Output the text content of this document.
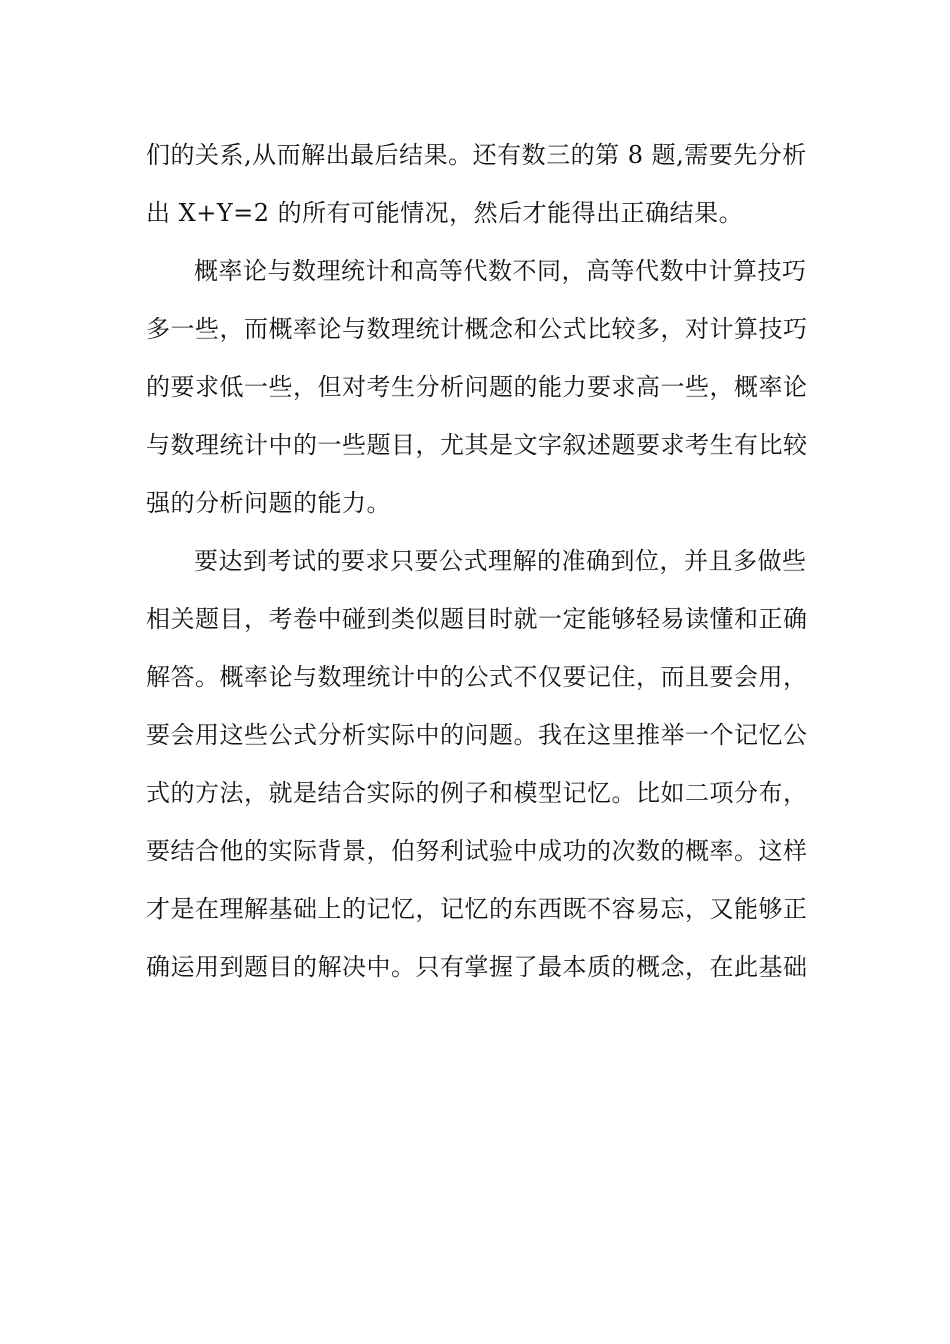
们的关系,从而解出最后结果。还有数三的第 8 题,需要先分析
出 X+Y=2 的所有可能情况，然后才能得出正确结果。
概率论与数理统计和高等代数不同，高等代数中计算技巧
多一些，而概率论与数理统计概念和公式比较多，对计算技巧
的要求低一些，但对考生分析问题的能力要求高一些，概率论
与数理统计中的一些题目，尤其是文字叙述题要求考生有比较
强的分析问题的能力。
要达到考试的要求只要公式理解的准确到位，并且多做些
相关题目，考卷中碰到类似题目时就一定能够轻易读懂和正确
解答。概率论与数理统计中的公式不仅要记住，而且要会用，
要会用这些公式分析实际中的问题。我在这里推举一个记忆公
式的方法，就是结合实际的例子和模型记忆。比如二项分布，
要结合他的实际背景，伯努利试验中成功的次数的概率。这样
才是在理解基础上的记忆，记忆的东西既不容易忘，又能够正
确运用到题目的解决中。只有掌握了最本质的概念，在此基础
